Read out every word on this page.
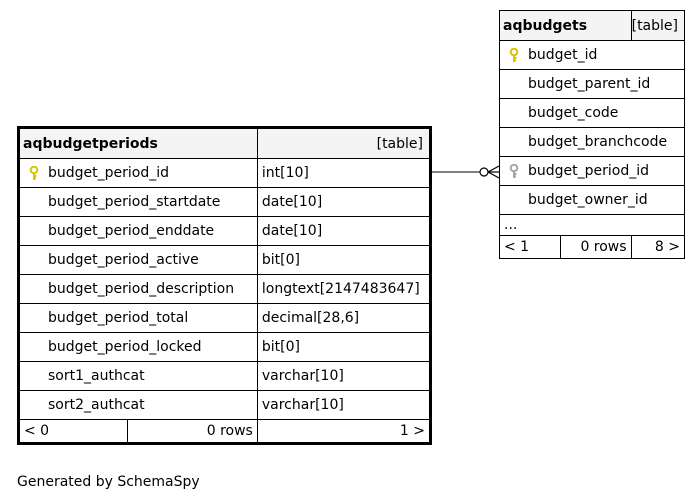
aqbudgetperiods		[table]

budget_period_id		int[10]
budget_period_startdate		date[10]
budget_period_enddate		date[10]
budget_period_active		bit[0]
budget_period_description		longtext[2147483647]
budget_period_total		decimal[28,6]
budget_period_locked		bit[0]
sort1_authcat		varchar[10]
sort2_authcat		varchar[10]
< 0	0 rows	1 >
aqbudgets		[table]

budget_id		
budget_parent_id		
budget_code		
budget_branchcode		

budget_period_id		
budget_owner_id		
...		
< 1	0 rows	8 >
Generated by SchemaSpy
